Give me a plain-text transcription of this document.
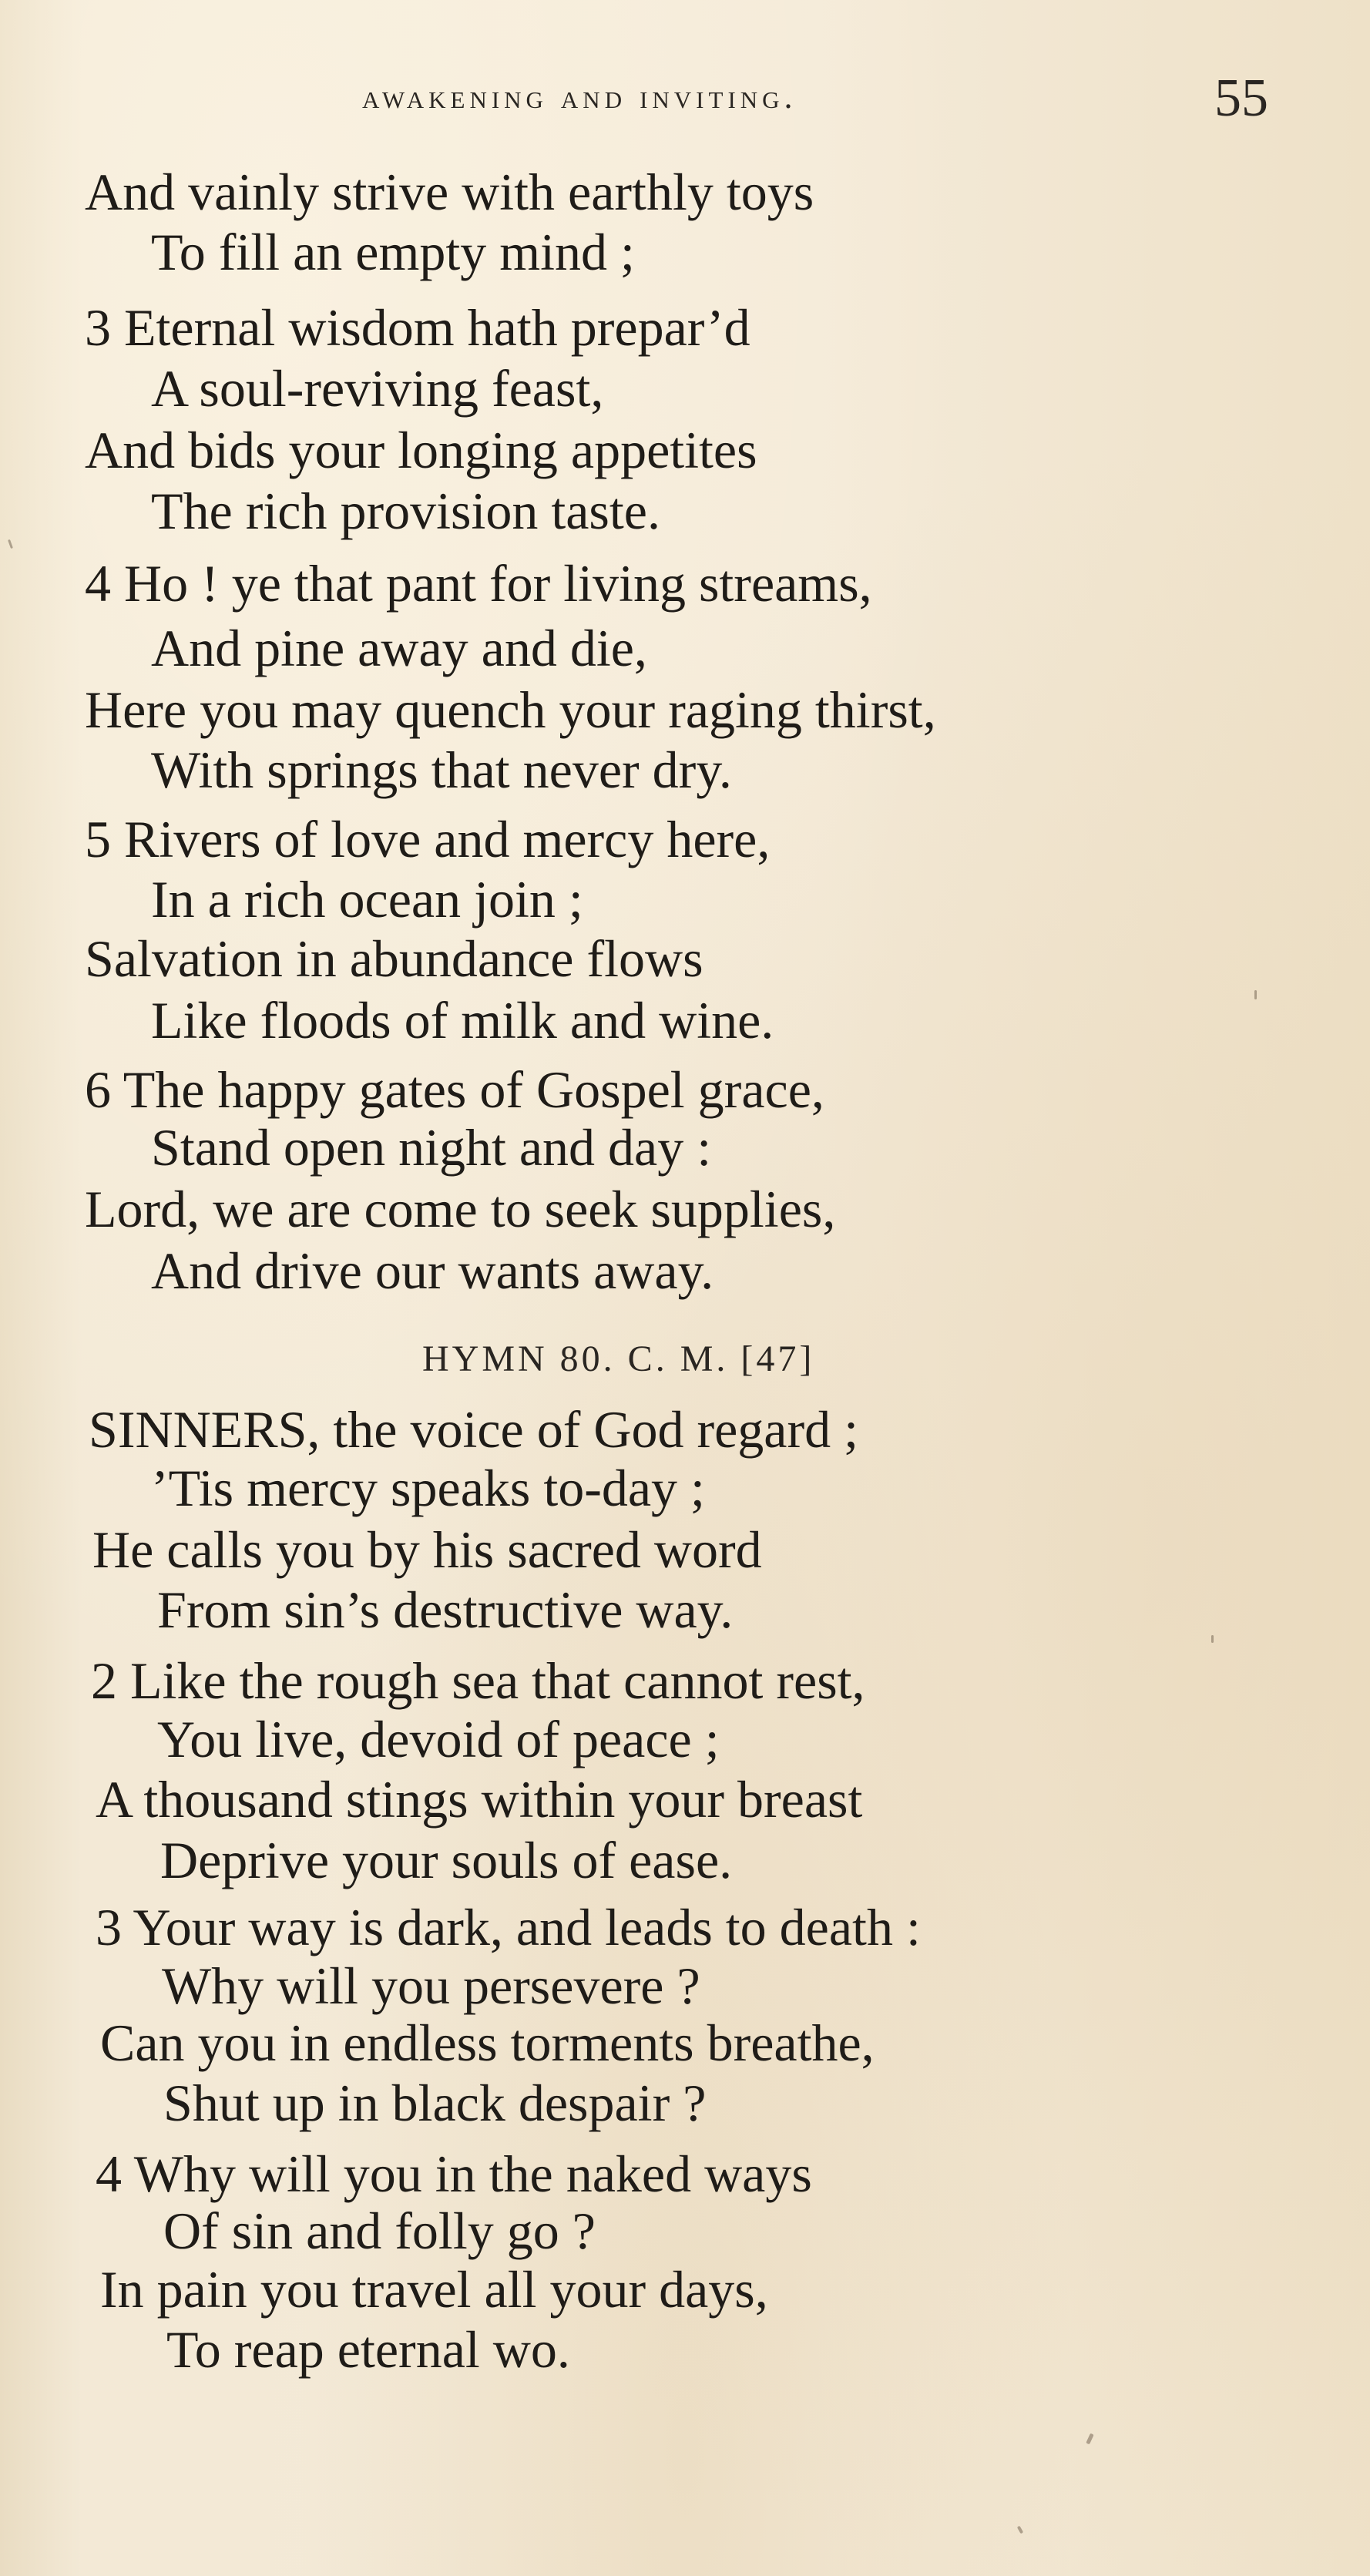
awakening and inviting.	55
And vainly strive with earthly toys
To fill an empty mind ;
3 Eternal wisdom hath prepar’d
A soul-reviving feast,
And bids your longing appetites
The rich provision taste.
4 Ho ! ye that pant for living streams,
And pine away and die,
Here you may quench your raging thirst,
With springs that never dry.
5 Rivers of love and mercy here,
In a rich ocean join ;
Salvation in abundance flows
Like floods of milk and wine.
6 The happy gates of Gospel grace,
Stand open night and day :
Lord, we are come to seek supplies,
And drive our wants away.
HYMN 80. C. M. [47]
SINNERS, the voice of God regard ;
’Tis mercy speaks to-day ;
He calls you by his sacred word
From sin’s destructive way.
2 Like the rough sea that cannot rest,
You live, devoid of peace ;
A thousand stings within your breast
Deprive your souls of ease.
3 Your way is dark, and leads to death :
Why will you persevere ?
Can you in endless torments breathe,
Shut up in black despair ?
4 Why will you in the naked ways
Of sin and folly go ?
In pain you travel all your days,
To reap eternal wo.
